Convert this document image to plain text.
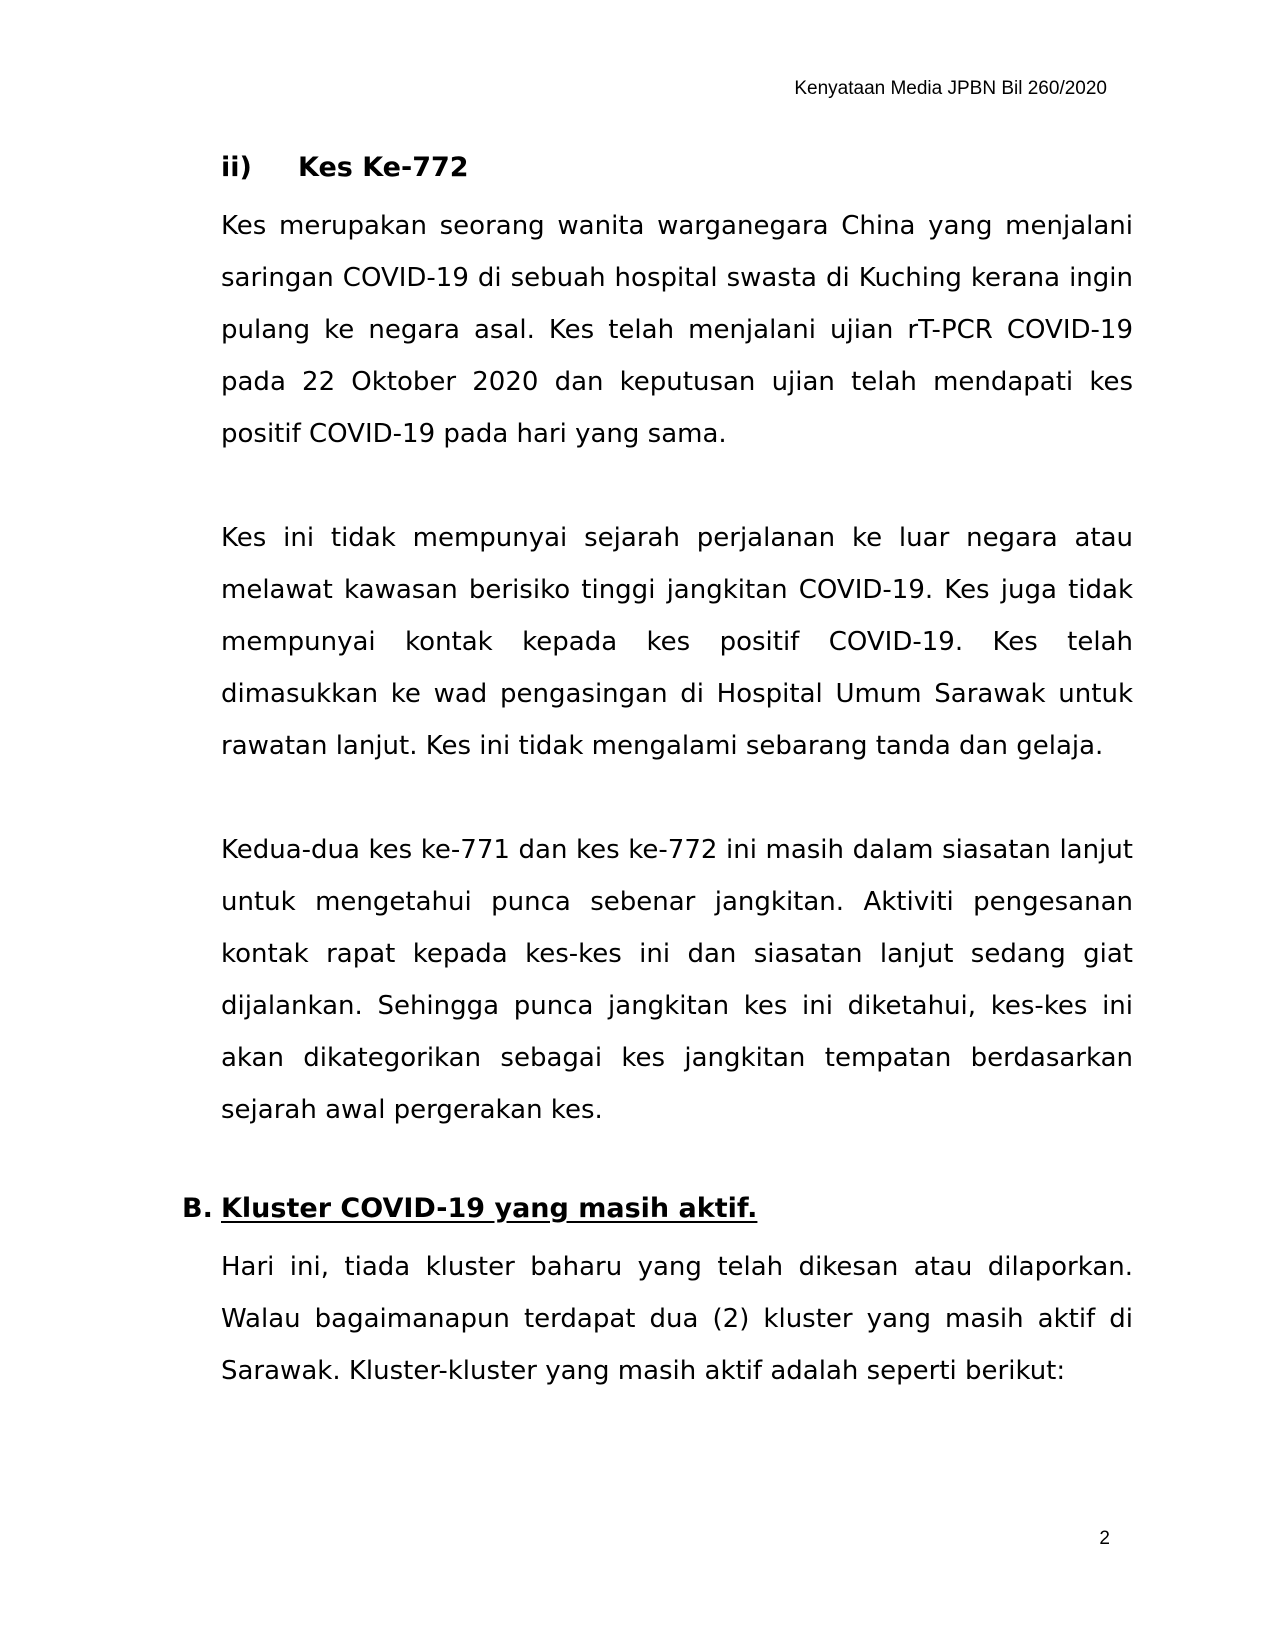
Kenyataan Media JPBN Bil 260/2020
ii)	Kes Ke-772

Kes merupakan seorang wanita warganegara China yang menjalani saringan COVID-19 di sebuah hospital swasta di Kuching kerana ingin pulang ke negara asal. Kes telah menjalani ujian rT-PCR COVID-19 pada 22 Oktober 2020 dan keputusan ujian telah mendapati kes positif COVID-19 pada hari yang sama.

Kes ini tidak mempunyai sejarah perjalanan ke luar negara atau melawat kawasan berisiko tinggi jangkitan COVID-19. Kes juga tidak mempunyai kontak kepada kes positif COVID-19. Kes telah dimasukkan ke wad pengasingan di Hospital Umum Sarawak untuk rawatan lanjut. Kes ini tidak mengalami sebarang tanda dan gelaja.

Kedua-dua kes ke-771 dan kes ke-772 ini masih dalam siasatan lanjut untuk mengetahui punca sebenar jangkitan. Aktiviti pengesanan kontak rapat kepada kes-kes ini dan siasatan lanjut sedang giat dijalankan. Sehingga punca jangkitan kes ini diketahui, kes-kes ini akan dikategorikan sebagai kes jangkitan tempatan berdasarkan sejarah awal pergerakan kes.

B. Kluster COVID-19 yang masih aktif.

Hari ini, tiada kluster baharu yang telah dikesan atau dilaporkan. Walau bagaimanapun terdapat dua (2) kluster yang masih aktif di Sarawak. Kluster-kluster yang masih aktif adalah seperti berikut:

2
